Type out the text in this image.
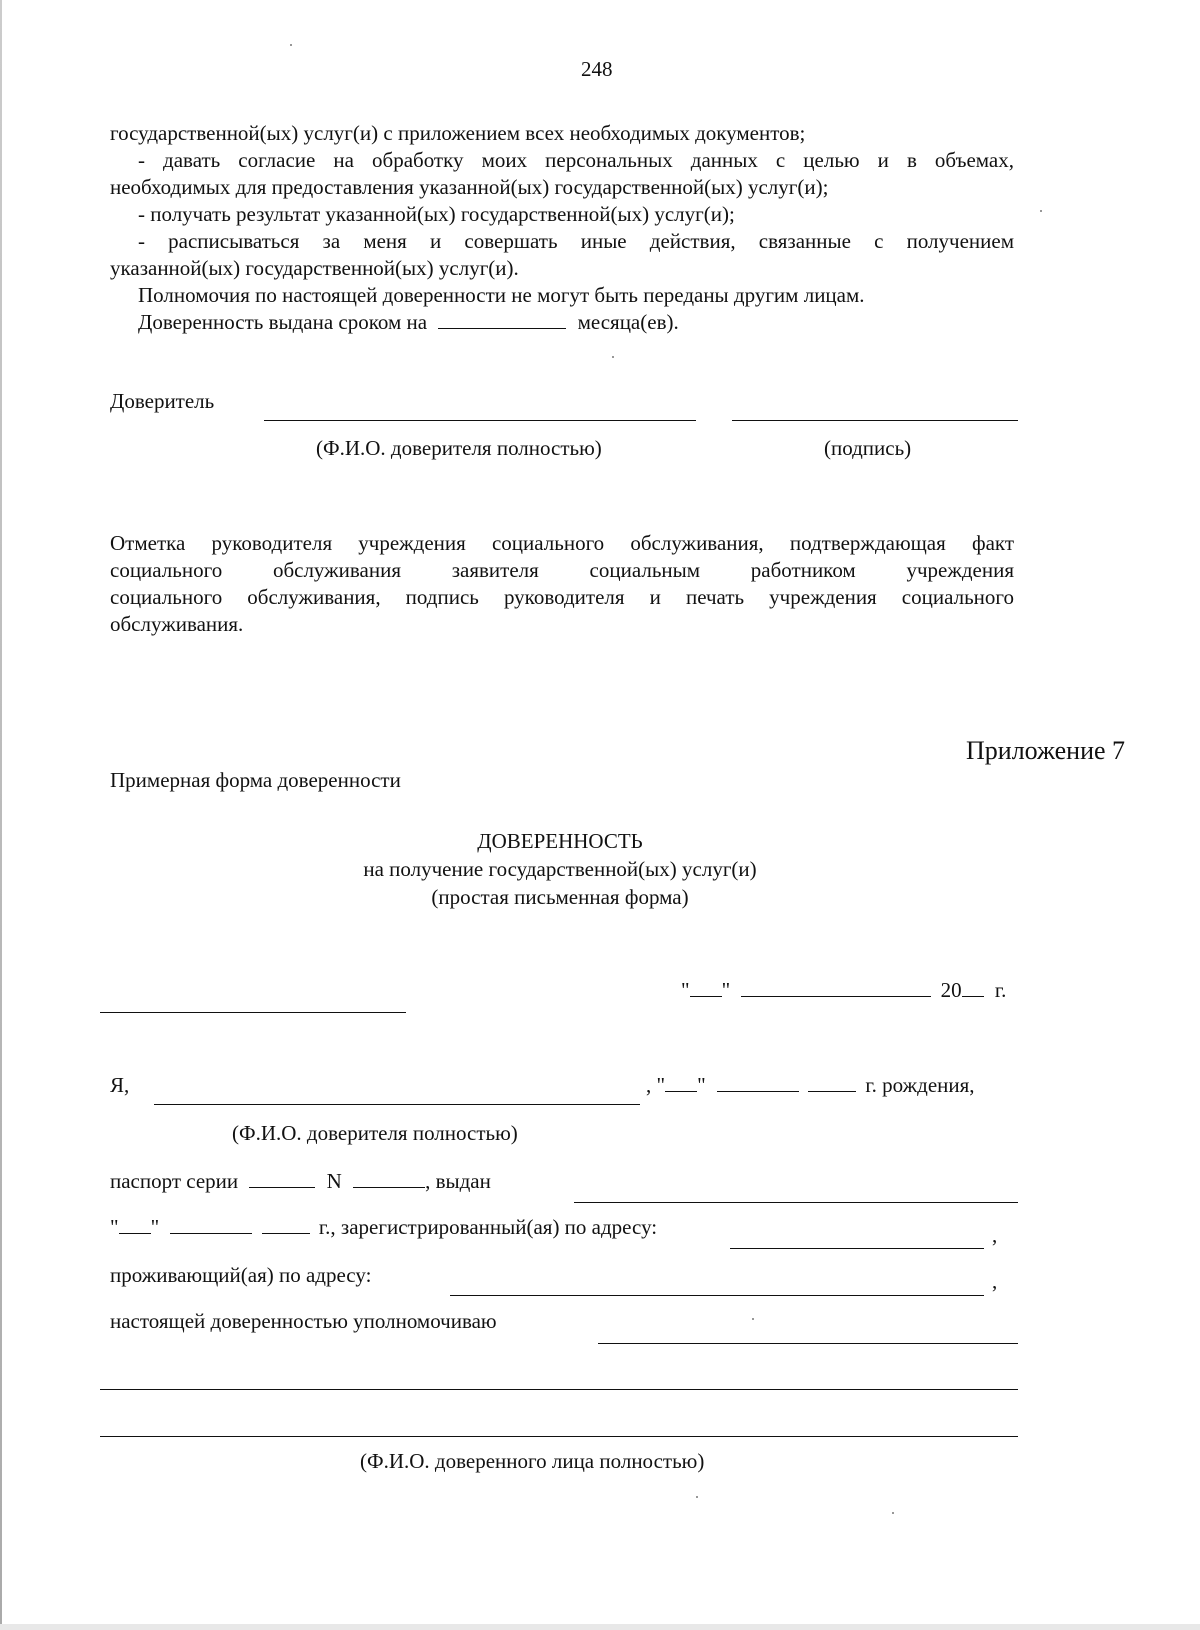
248
государственной(ых) услуг(и) с приложением всех необходимых документов;
- давать согласие на обработку моих персональных данных с целью и в объемах,
необходимых для предоставления указанной(ых) государственной(ых) услуг(и);
- получать результат указанной(ых) государственной(ых) услуг(и);
- расписываться за меня и совершать иные действия, связанные с получением
указанной(ых) государственной(ых) услуг(и).
Полномочия по настоящей доверенности не могут быть переданы другим лицам.
Доверенность выдана сроком на	месяца(ев).
Доверитель
(Ф.И.О. доверителя полностью)	(подпись)
Отметка руководителя учреждения социального обслуживания, подтверждающая факт
социального обслуживания заявителя социальным работником учреждения
социального обслуживания, подпись руководителя и печать учреждения социального
обслуживания.
Приложение 7
Примерная форма доверенности
ДОВЕРЕННОСТЬ
на получение государственной(ых) услуг(и)
(простая письменная форма)
" "	20 г.
Я,	, " "	г. рождения,
(Ф.И.О. доверителя полностью)
паспорт серии	N	, выдан
" "	г., зарегистрированный(ая) по адресу:	,
проживающий(ая) по адресу:	,
настоящей доверенностью уполномочиваю
(Ф.И.О. доверенного лица полностью)
